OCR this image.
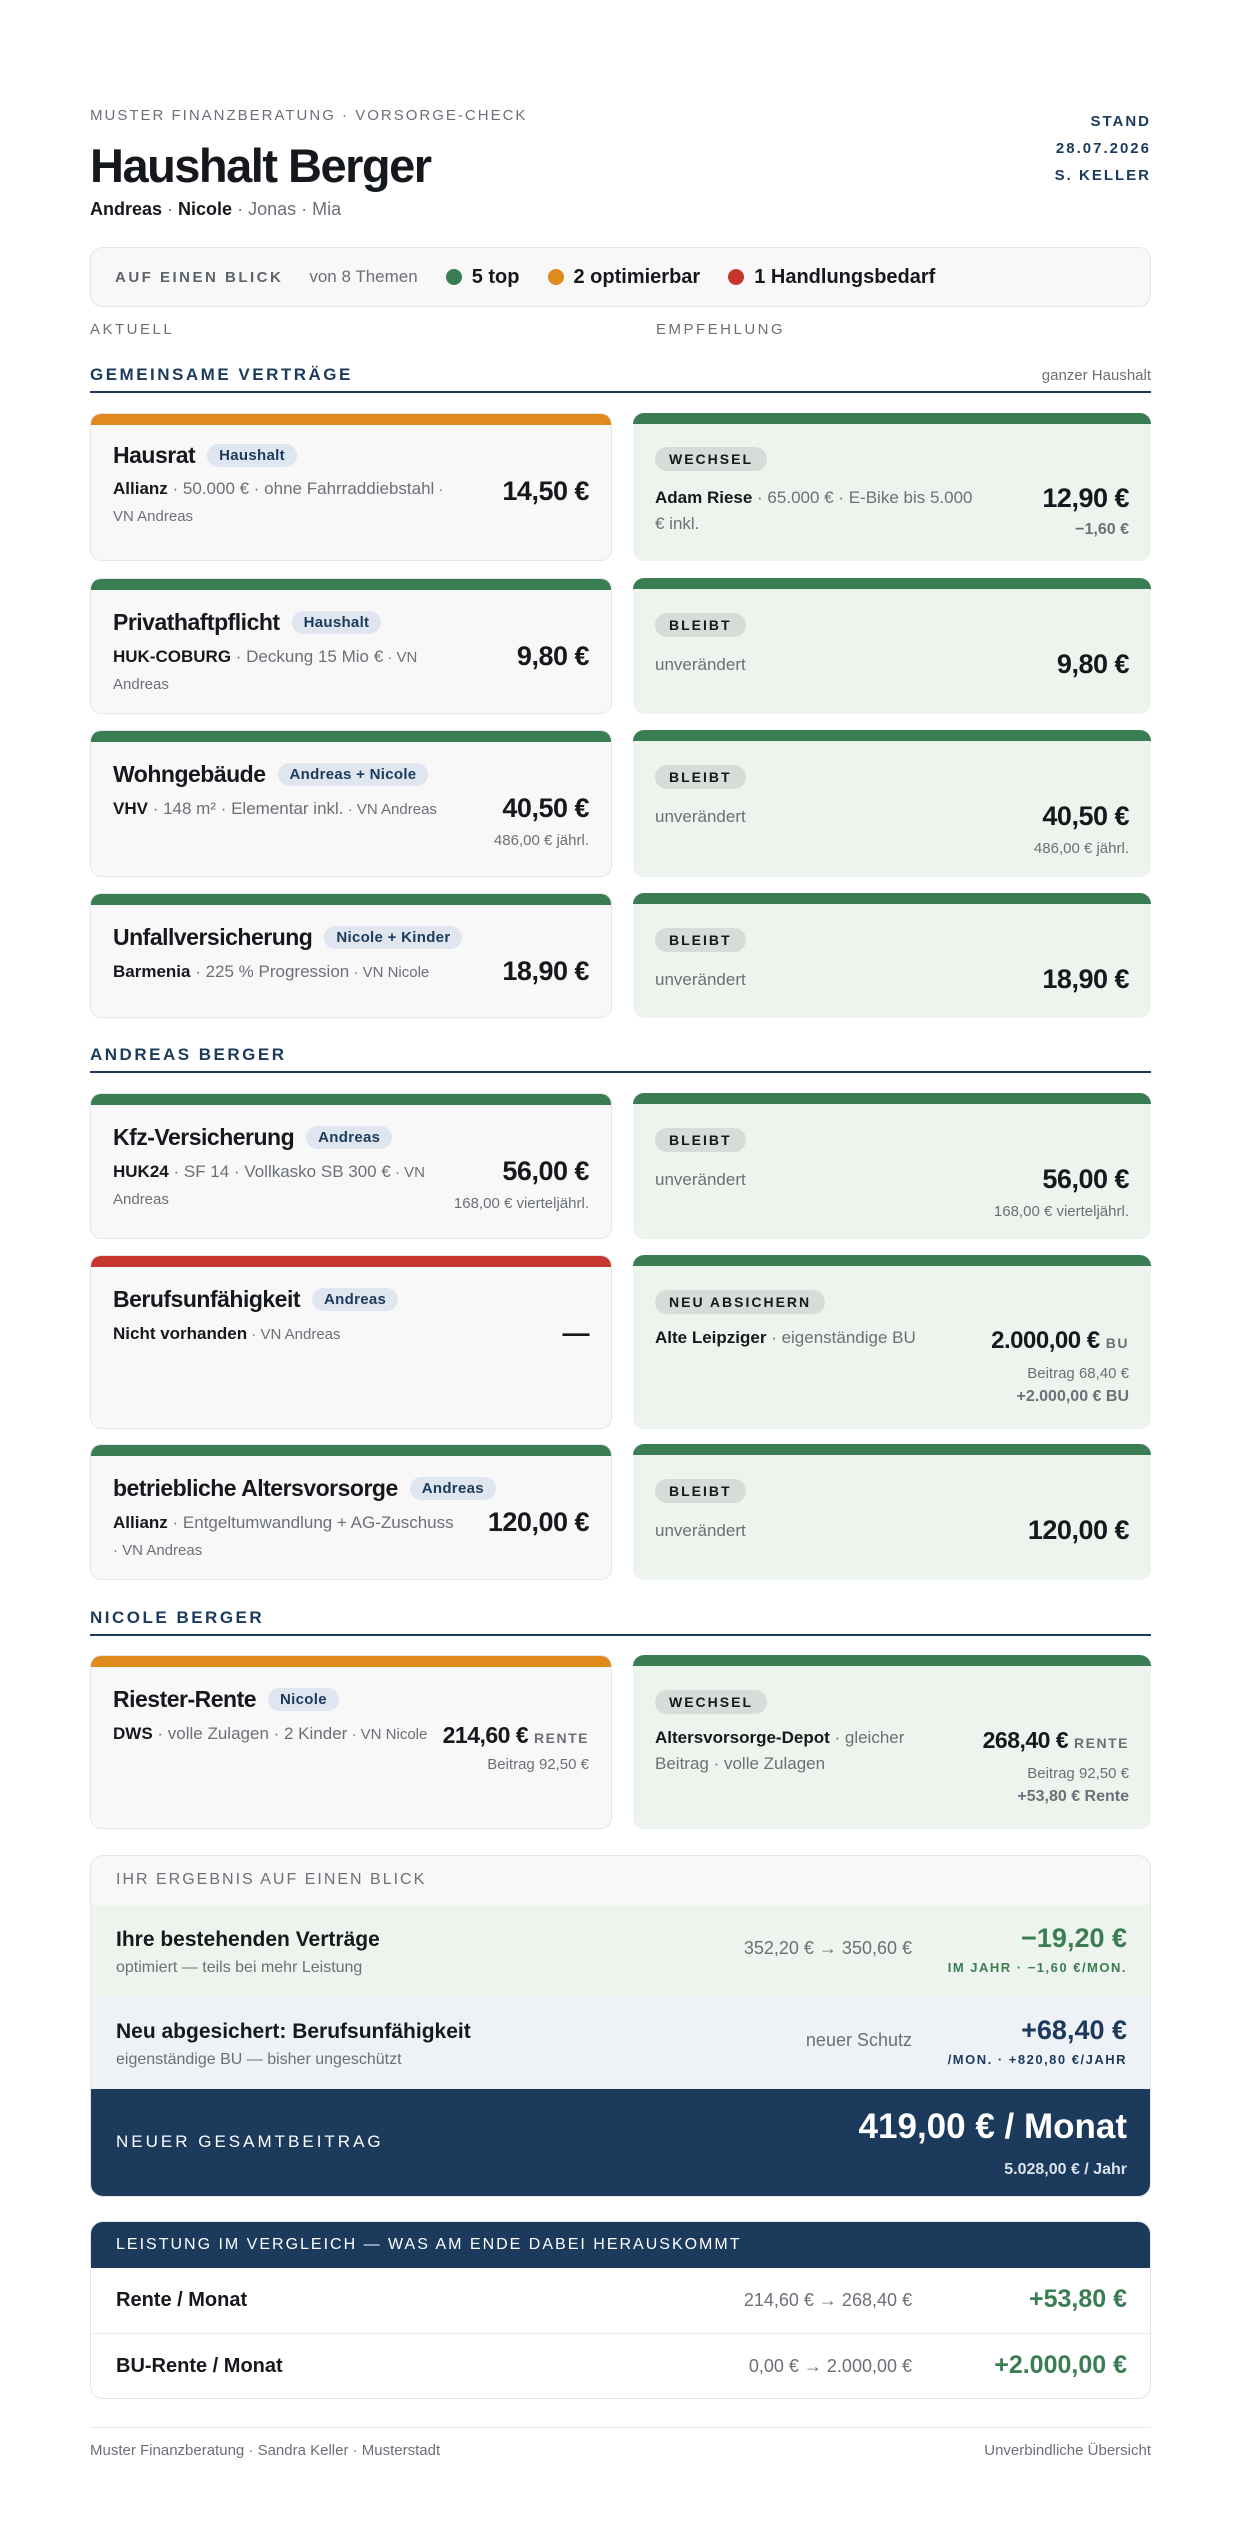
MUSTER FINANZBERATUNG · VORSORGE-CHECK
Haushalt Berger
Andreas · Nicole · Jonas · Mia
STAND
28.07.2026
S. KELLER
AUF EINEN BLICK von 8 Themen	5 top	2 optimierbar	1 Handlungsbedarf
AKTUELL	EMPFEHLUNG
GEMEINSAME VERTRÄGE	ganzer Haushalt
Hausrat	Haushalt
Allianz · 50.000 € · ohne Fahrraddiebstahl · VN Andreas
14,50 €
WECHSEL
Adam Riese · 65.000 € · E-Bike bis 5.000 € inkl.
12,90 €
−1,60 €
Privathaftpflicht	Haushalt
HUK-COBURG · Deckung 15 Mio € · VN Andreas
9,80 €
BLEIBT
unverändert	9,80 €
Wohngebäude	Andreas + Nicole
VHV · 148 m² · Elementar inkl. · VN Andreas	40,50 €
486,00 € jährl.
BLEIBT
unverändert	40,50 €
486,00 € jährl.
Unfallversicherung	Nicole + Kinder
Barmenia · 225 % Progression · VN Nicole	18,90 €
BLEIBT
unverändert	18,90 €
ANDREAS BERGER
Kfz-Versicherung	Andreas
HUK24 · SF 14 · Vollkasko SB 300 € · VN Andreas
56,00 €
168,00 € vierteljährl.
BLEIBT
unverändert	56,00 €
168,00 € vierteljährl.
Berufsunfähigkeit	Andreas
Nicht vorhanden · VN Andreas	—
NEU ABSICHERN
Alte Leipziger · eigenständige BU	2.000,00 € BU
Beitrag 68,40 €
+2.000,00 € BU
betriebliche Altersvorsorge	Andreas
Allianz · Entgeltumwandlung + AG-Zuschuss · VN Andreas
120,00 €
BLEIBT
unverändert	120,00 €
NICOLE BERGER
Riester-Rente	Nicole
DWS · volle Zulagen · 2 Kinder · VN Nicole 214,60 € RENTE
Beitrag 92,50 €
WECHSEL
Altersvorsorge-Depot · gleicher Beitrag · volle Zulagen
268,40 € RENTE
Beitrag 92,50 €
+53,80 € Rente
IHR ERGEBNIS AUF EINEN BLICK
Ihre bestehenden Verträge
optimiert — teils bei mehr Leistung
352,20 € → 350,60 €	−19,20 €
IM JAHR · −1,60 €/MON.
Neu abgesichert: Berufsunfähigkeit
eigenständige BU — bisher ungeschützt
neuer Schutz	+68,40 €
/MON. · +820,80 €/JAHR
NEUER GESAMTBEITRAG	419,00 € / Monat
5.028,00 € / Jahr
LEISTUNG IM VERGLEICH — WAS AM ENDE DABEI HERAUSKOMMT
Rente / Monat	214,60 € → 268,40 €	+53,80 €
BU-Rente / Monat	0,00 € → 2.000,00 €	+2.000,00 €
Muster Finanzberatung · Sandra Keller · Musterstadt	Unverbindliche Übersicht
